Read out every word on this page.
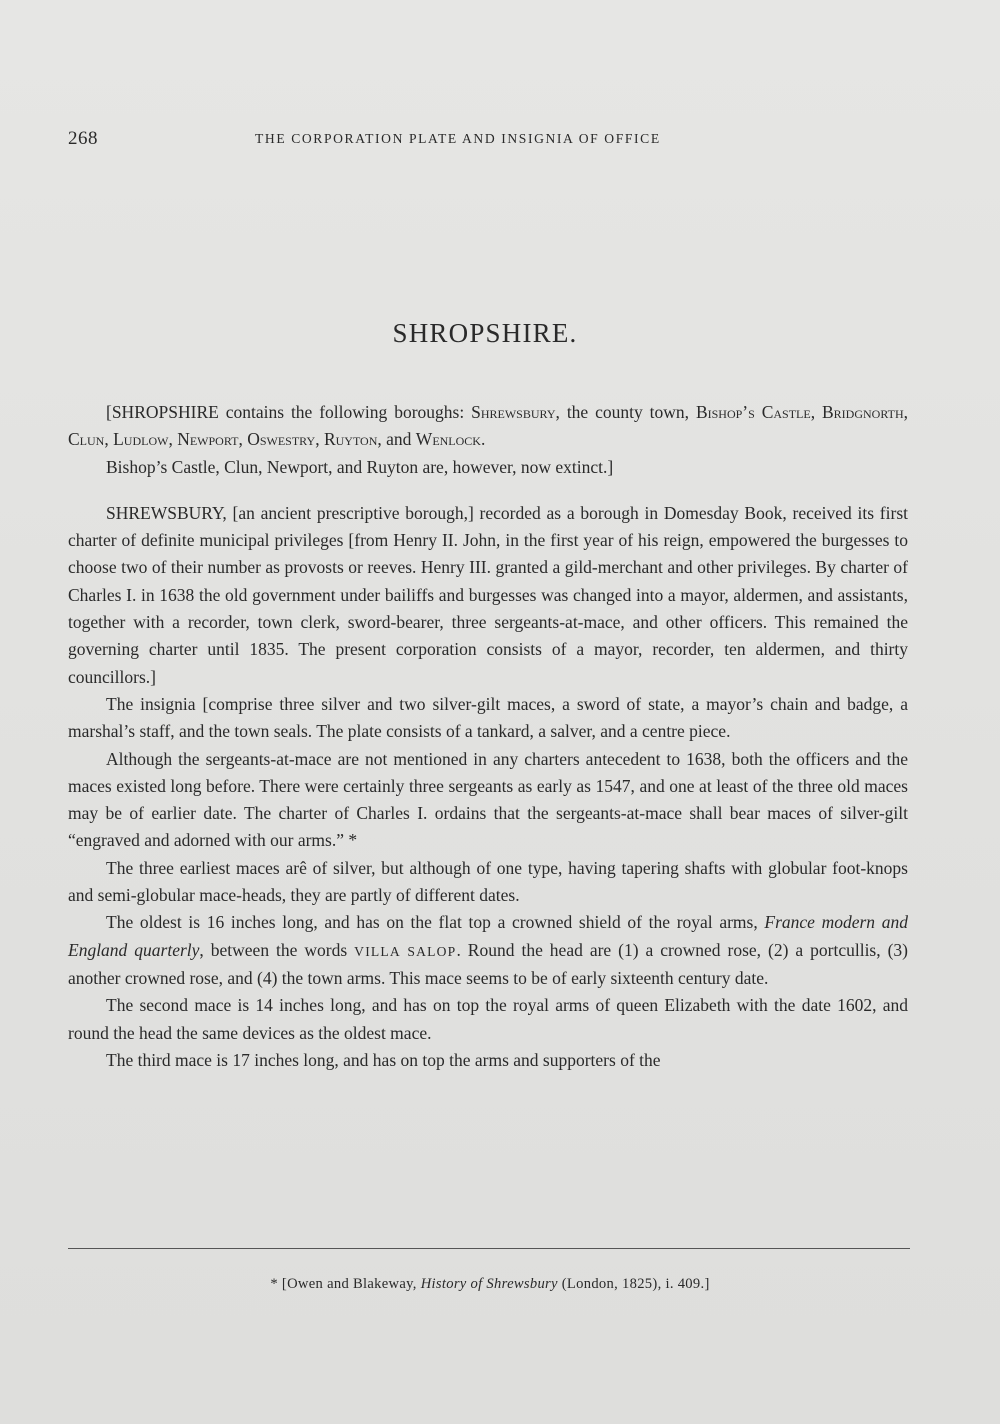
268	THE CORPORATION PLATE AND INSIGNIA OF OFFICE
SHROPSHIRE.

[SHROPSHIRE contains the following boroughs: Shrewsbury, the county town, Bishop’s Castle, Bridgnorth, Clun, Ludlow, Newport, Oswestry, Ruyton, and Wenlock.

Bishop’s Castle, Clun, Newport, and Ruyton are, however, now extinct.]

SHREWSBURY, [an ancient prescriptive borough,] recorded as a borough in Domesday Book, received its first charter of definite municipal privileges [from Henry II. John, in the first year of his reign, empowered the burgesses to choose two of their number as provosts or reeves. Henry III. granted a gild-merchant and other privileges. By charter of Charles I. in 1638 the old government under bailiffs and burgesses was changed into a mayor, aldermen, and assistants, together with a recorder, town clerk, sword-bearer, three sergeants-at-mace, and other officers. This remained the governing charter until 1835. The present corporation consists of a mayor, recorder, ten aldermen, and thirty councillors.]

The insignia [comprise three silver and two silver-gilt maces, a sword of state, a mayor’s chain and badge, a marshal’s staff, and the town seals. The plate consists of a tankard, a salver, and a centre piece.

Although the sergeants-at-mace are not mentioned in any charters antecedent to 1638, both the officers and the maces existed long before. There were certainly three sergeants as early as 1547, and one at least of the three old maces may be of earlier date. The charter of Charles I. ordains that the sergeants-at-mace shall bear maces of silver-gilt “engraved and adorned with our arms.” *

The three earliest maces arê of silver, but although of one type, having tapering shafts with globular foot-knops and semi-globular mace-heads, they are partly of different dates.

The oldest is 16 inches long, and has on the flat top a crowned shield of the royal arms, France modern and England quarterly, between the words VILLA SALOP. Round the head are (1) a crowned rose, (2) a portcullis, (3) another crowned rose, and (4) the town arms. This mace seems to be of early sixteenth century date.

The second mace is 14 inches long, and has on top the royal arms of queen Elizabeth with the date 1602, and round the head the same devices as the oldest mace.

The third mace is 17 inches long, and has on top the arms and supporters of the

* [Owen and Blakeway, History of Shrewsbury (London, 1825), i. 409.]
